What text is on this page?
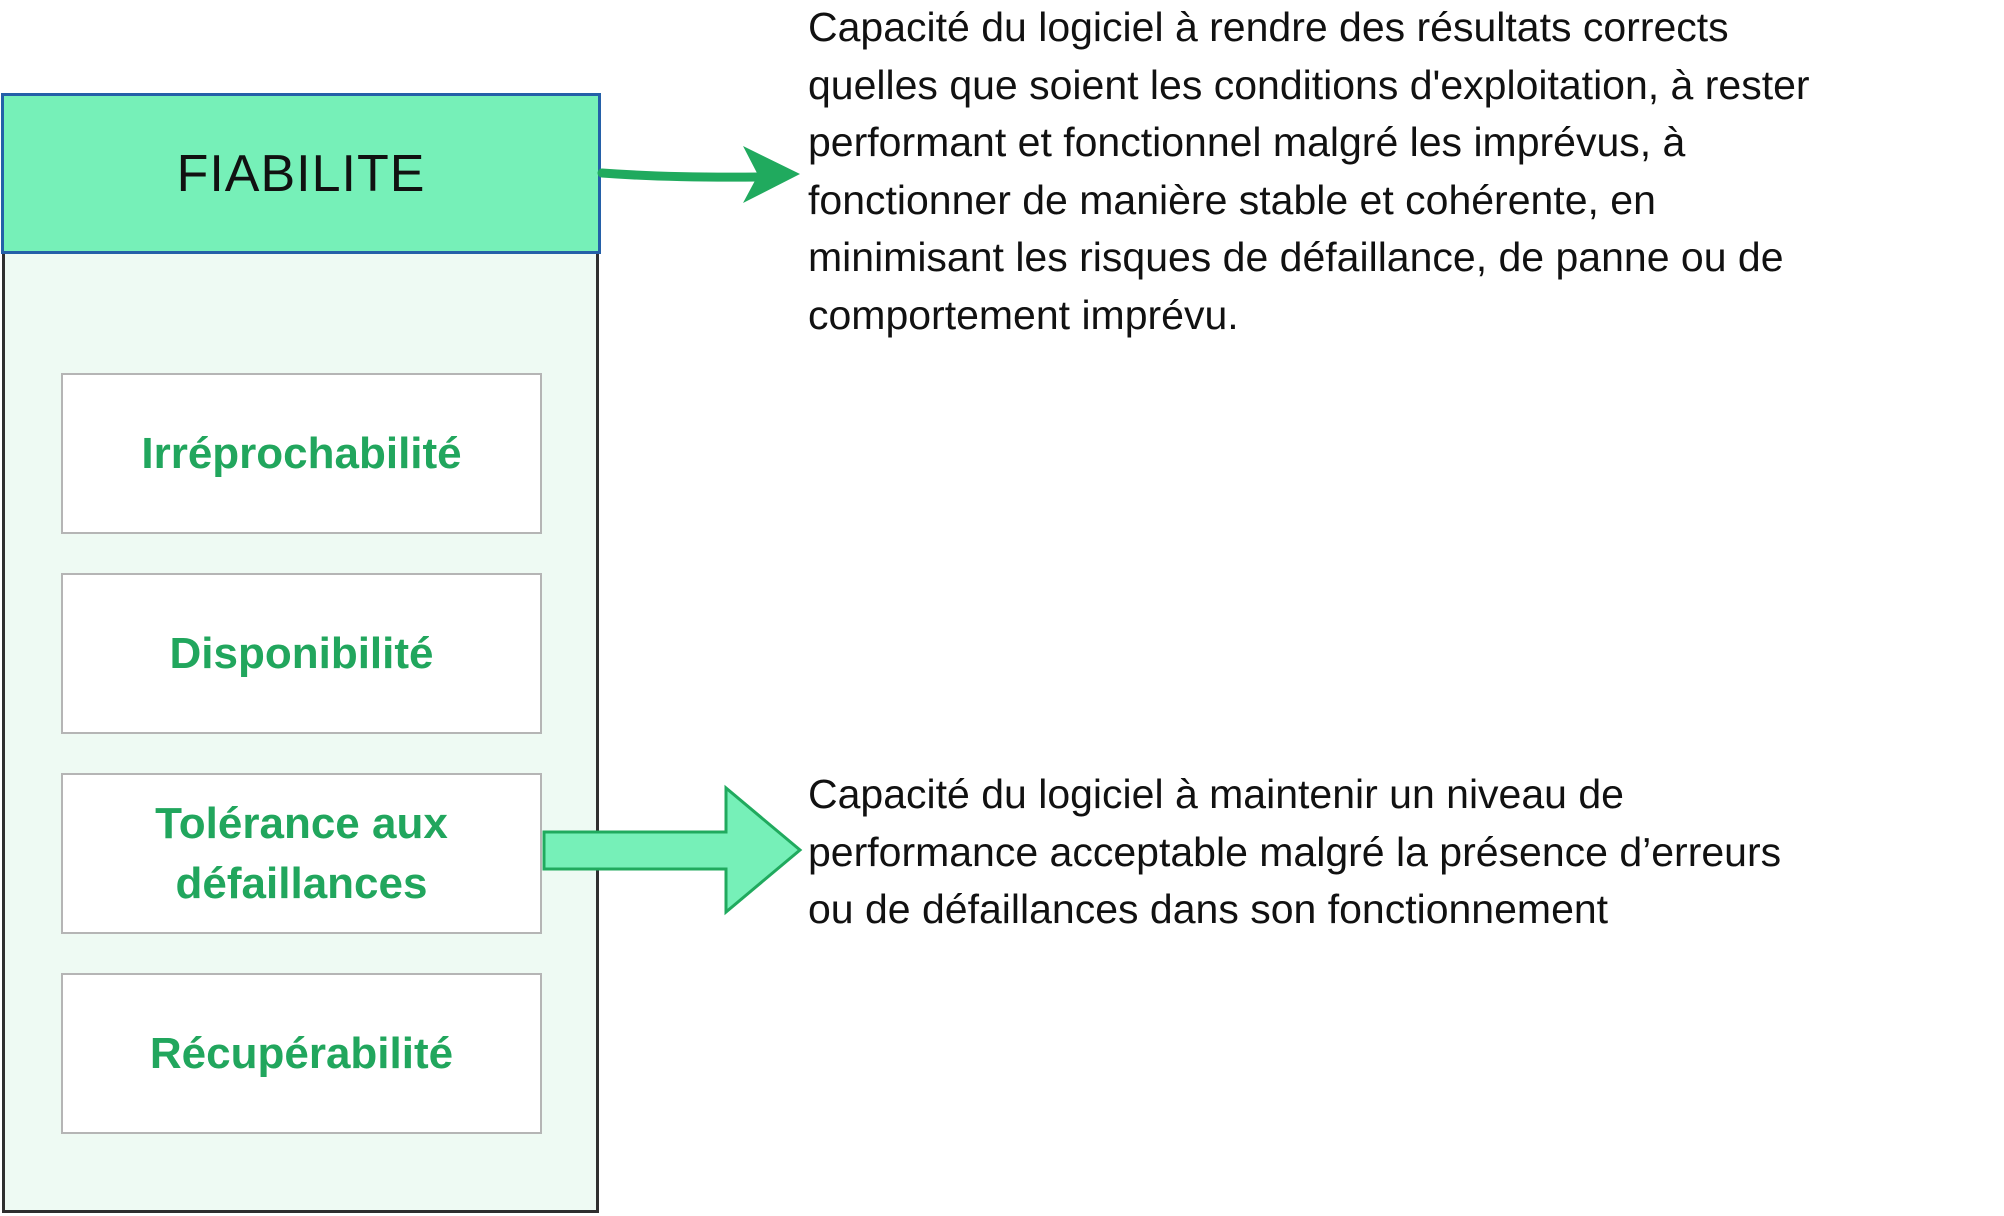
FIABILITE
Irréprochabilité
Disponibilité
Tolérance aux défaillances
Récupérabilité

Capacité du logiciel à rendre des résultats corrects
quelles que soient les conditions d'exploitation, à rester
performant et fonctionnel malgré les imprévus, à
fonctionner de manière stable et cohérente, en
minimisant les risques de défaillance, de panne ou de
comportement imprévu.

Capacité du logiciel à maintenir un niveau de
performance acceptable malgré la présence d’erreurs
ou de défaillances dans son fonctionnement
